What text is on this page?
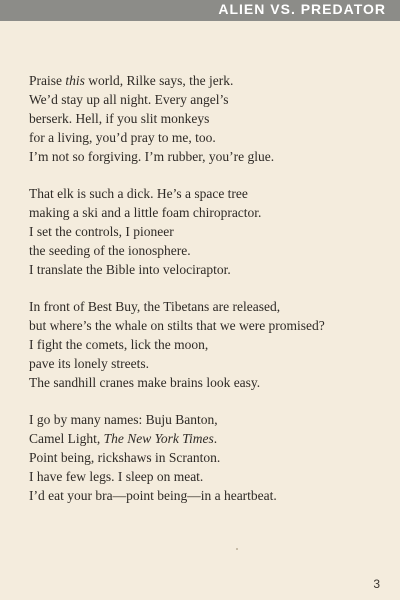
ALIEN VS. PREDATOR
Praise this world, Rilke says, the jerk.
We’d stay up all night. Every angel’s
berserk. Hell, if you slit monkeys
for a living, you’d pray to me, too.
I’m not so forgiving. I’m rubber, you’re glue.
That elk is such a dick. He’s a space tree
making a ski and a little foam chiropractor.
I set the controls, I pioneer
the seeding of the ionosphere.
I translate the Bible into velociraptor.
In front of Best Buy, the Tibetans are released,
but where’s the whale on stilts that we were promised?
I fight the comets, lick the moon,
pave its lonely streets.
The sandhill cranes make brains look easy.
I go by many names: Buju Banton,
Camel Light, The New York Times.
Point being, rickshaws in Scranton.
I have few legs. I sleep on meat.
I’d eat your bra—point being—in a heartbeat.
3
